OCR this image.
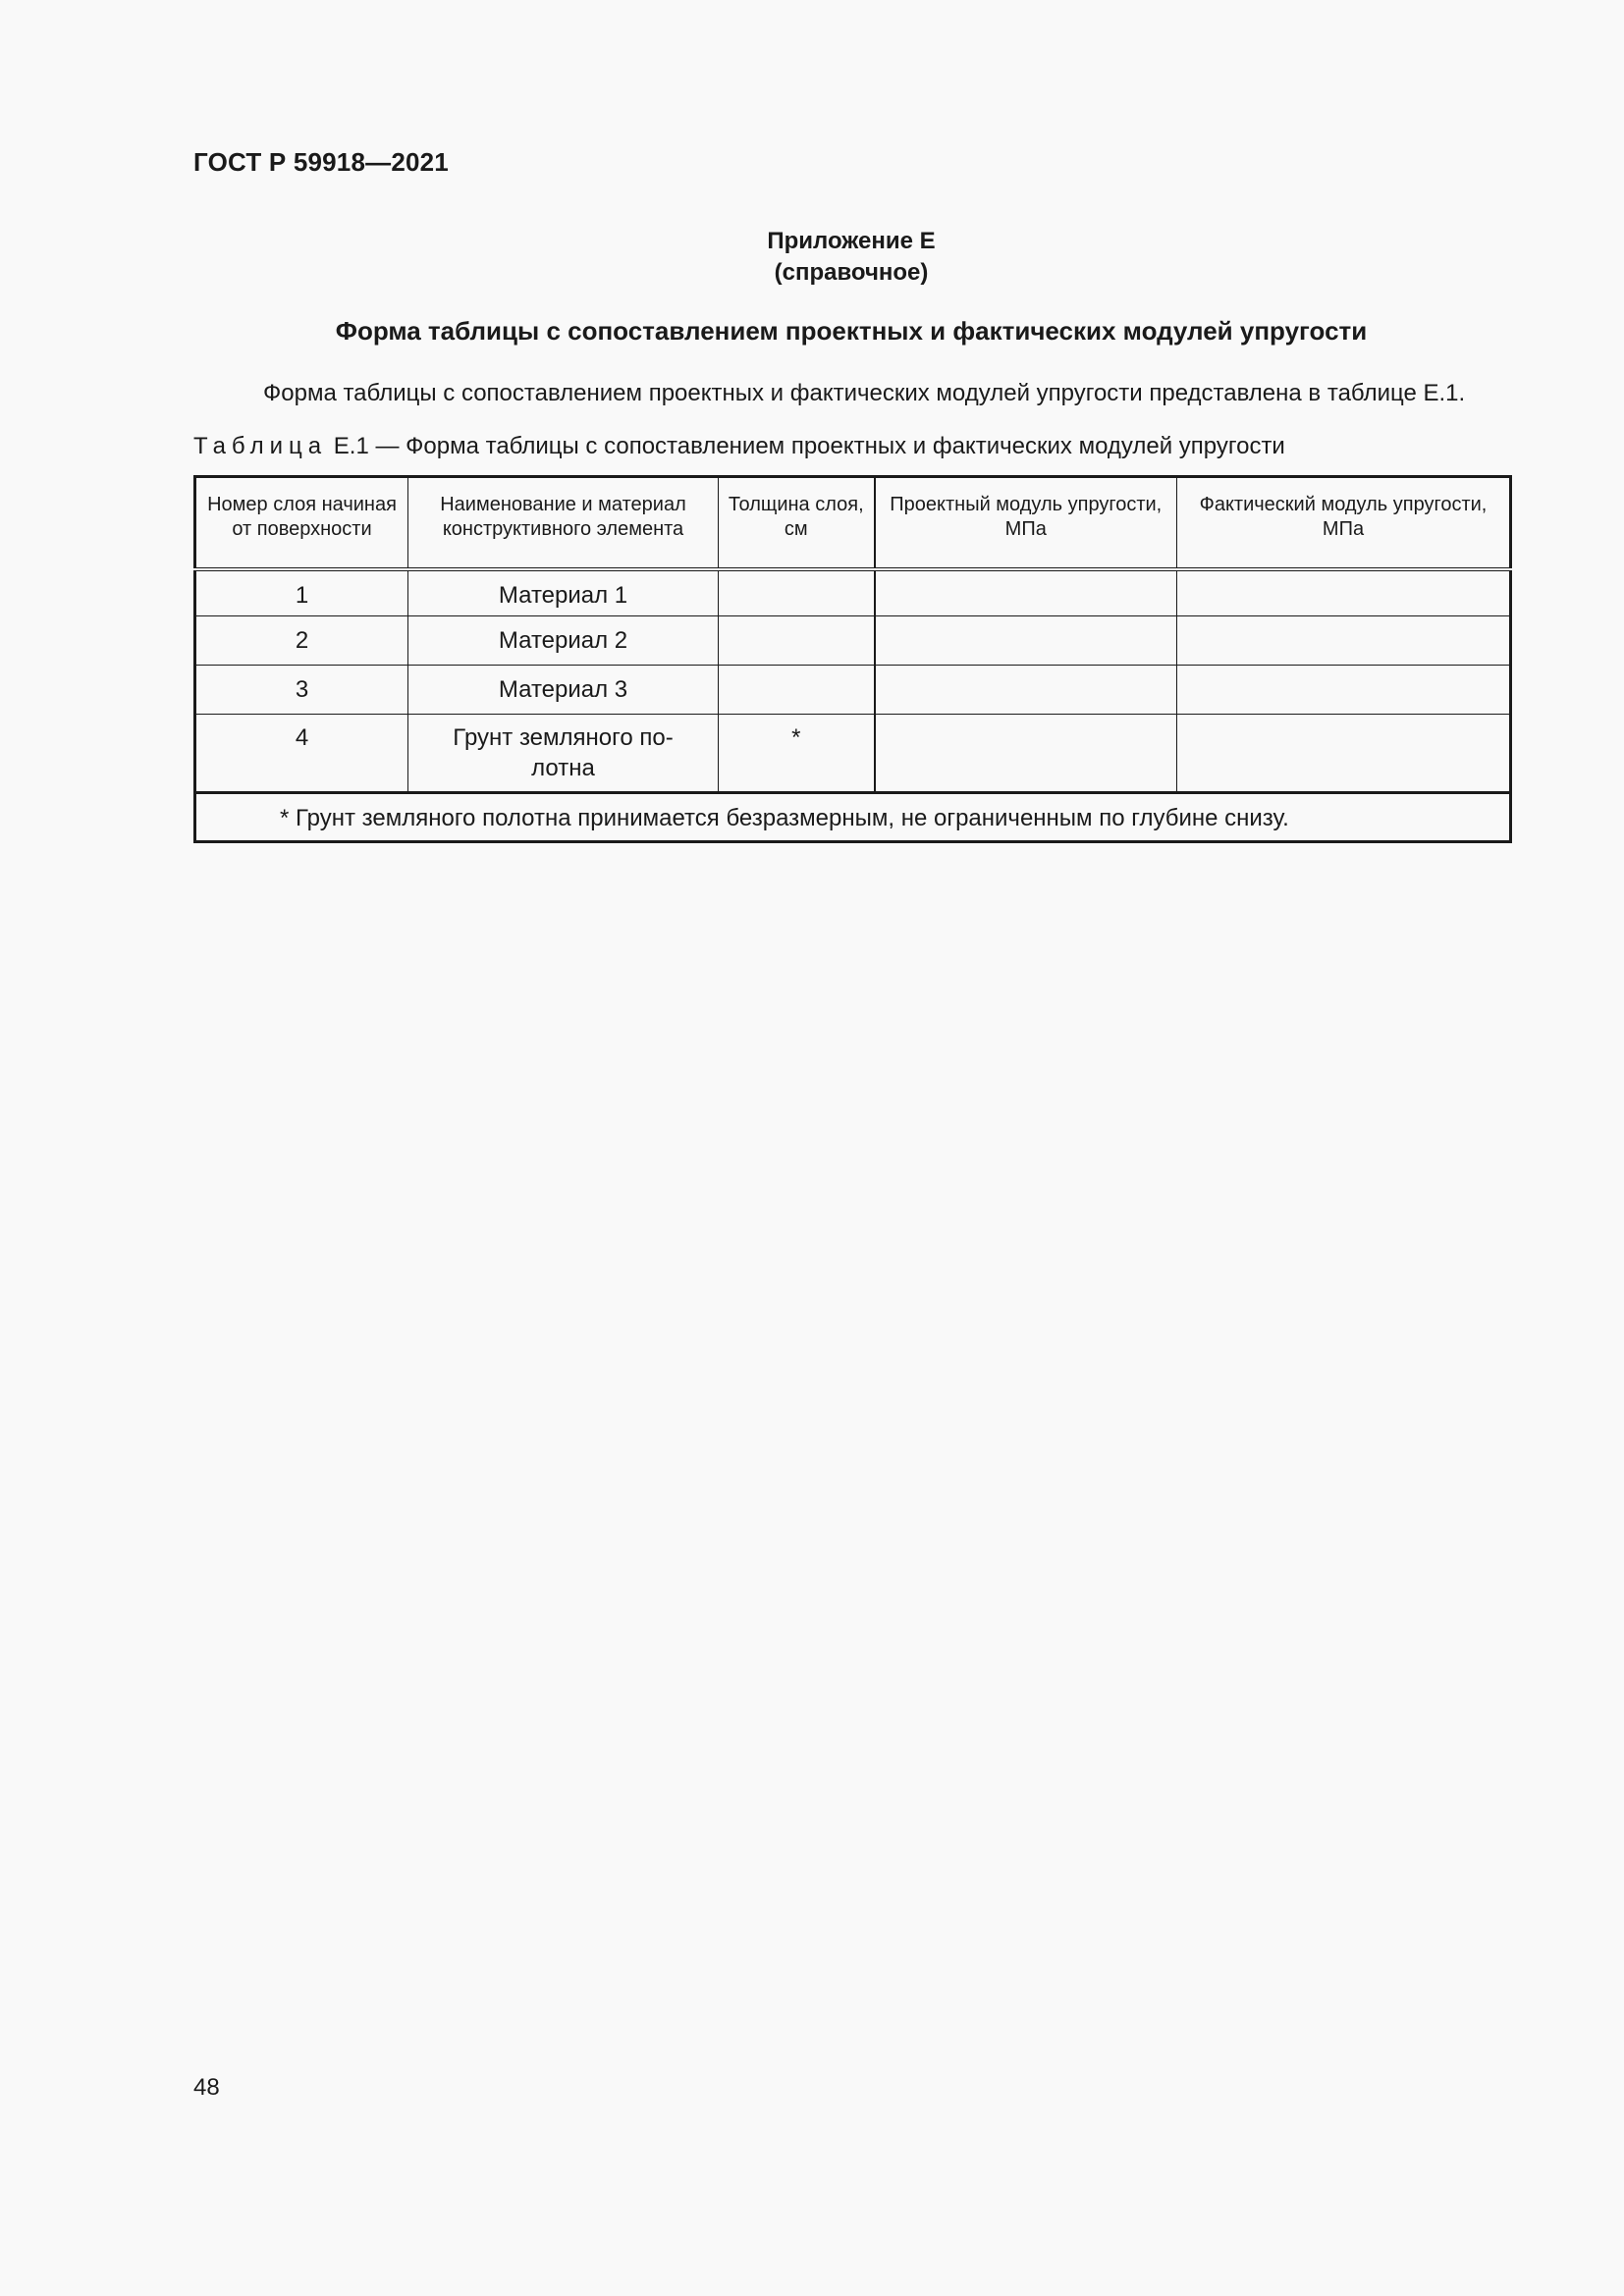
ГОСТ Р 59918—2021
Приложение Е
(справочное)
Форма таблицы с сопоставлением проектных и фактических модулей упругости
Форма таблицы с сопоставлением проектных и фактических модулей упругости представлена в таблице Е.1.
Таблица Е.1 — Форма таблицы с сопоставлением проектных и фактических модулей упругости
Номер слоя начиная от поверхности	Наименование и материал конструктивного элемента	Толщина слоя, см	Проектный модуль упругости, МПа	Фактический модуль упругости, МПа
1	Материал 1			
2	Материал 2			
3	Материал 3			
4	Грунт земляного по-лотна	*		
* Грунт земляного полотна принимается безразмерным, не ограниченным по глубине снизу.				
48
